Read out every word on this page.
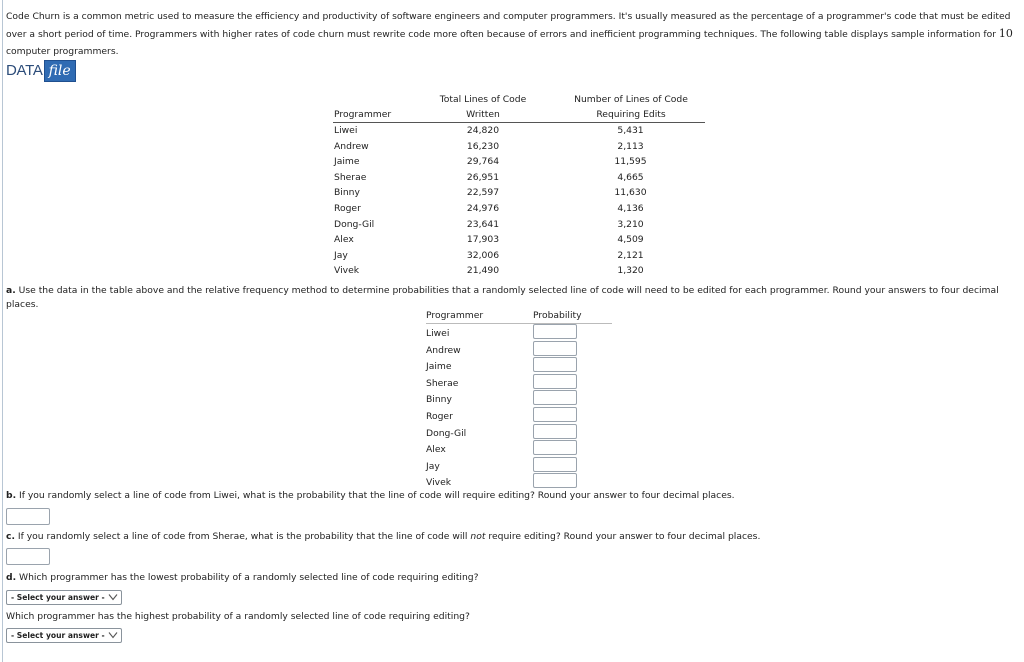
Code Churn is a common metric used to measure the efficiency and productivity of software engineers and computer programmers. It's usually measured as the percentage of a programmer's code that must be edited over a short period of time. Programmers with higher rates of code churn must rewrite code more often because of errors and inefficient programming techniques. The following table displays sample information for 10 computer programmers.
DATA file
Programmer
Total Lines of Code
Written
Number of Lines of Code
Requiring Edits
Liwei	24,820	5,431
Andrew	16,230	2,113
Jaime	29,764	11,595
Sherae	26,951	4,665
Binny	22,597	11,630
Roger	24,976	4,136
Dong-Gil	23,641	3,210
Alex	17,903	4,509
Jay	32,006	2,121
Vivek	21,490	1,320
a. Use the data in the table above and the relative frequency method to determine probabilities that a randomly selected line of code will need to be edited for each programmer. Round your answers to four decimal places.
Programmer	Probability
Liwei
Andrew
Jaime
Sherae
Binny
Roger
Dong-Gil
Alex
Jay
Vivek
b. If you randomly select a line of code from Liwei, what is the probability that the line of code will require editing? Round your answer to four decimal places.
c. If you randomly select a line of code from Sherae, what is the probability that the line of code will not require editing? Round your answer to four decimal places.
d. Which programmer has the lowest probability of a randomly selected line of code requiring editing?
- Select your answer -
Which programmer has the highest probability of a randomly selected line of code requiring editing?
- Select your answer -
